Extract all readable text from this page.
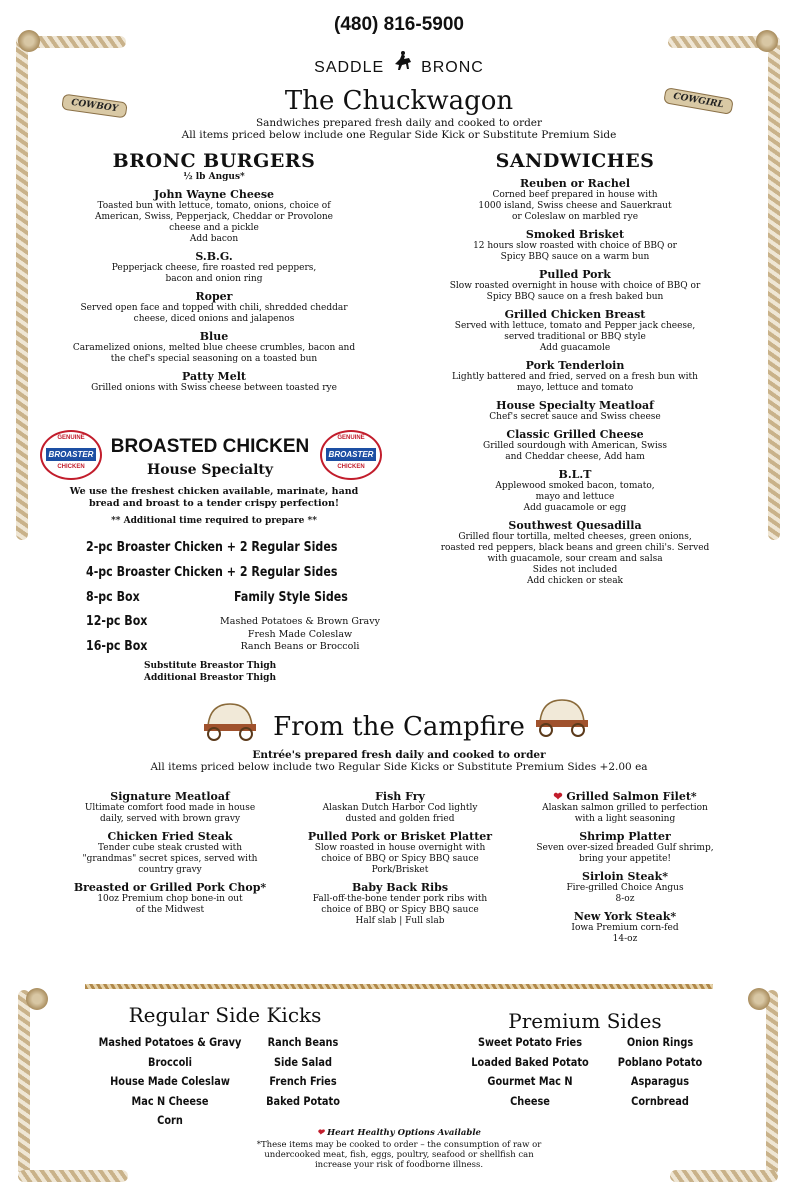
(480) 816-5900
SADDLE BRONC
COWBOY	COWGIRL
The Chuckwagon
Sandwiches prepared fresh daily and cooked to order
All items priced below include one Regular Side Kick or Substitute Premium Side
BRONC BURGERS
½ lb Angus*
John Wayne Cheese
Toasted bun with lettuce, tomato, onions, choice of
American, Swiss, Pepperjack, Cheddar or Provolone
cheese and a pickle
Add bacon
S.B.G.
Pepperjack cheese, fire roasted red peppers,
bacon and onion ring
Roper
Served open face and topped with chili, shredded cheddar
cheese, diced onions and jalapenos
Blue
Caramelized onions, melted blue cheese crumbles, bacon and
the chef's special seasoning on a toasted bun
Patty Melt
Grilled onions with Swiss cheese between toasted rye
SANDWICHES
Reuben or Rachel
Corned beef prepared in house with
1000 island, Swiss cheese and Sauerkraut
or Coleslaw on marbled rye
Smoked Brisket
12 hours slow roasted with choice of BBQ or
Spicy BBQ sauce on a warm bun
Pulled Pork
Slow roasted overnight in house with choice of BBQ or
Spicy BBQ sauce on a fresh baked bun
Grilled Chicken Breast
Served with lettuce, tomato and Pepper jack cheese,
served traditional or BBQ style
Add guacamole
Pork Tenderloin
Lightly battered and fried, served on a fresh bun with
mayo, lettuce and tomato
House Specialty Meatloaf
Chef's secret sauce and Swiss cheese
Classic Grilled Cheese
Grilled sourdough with American, Swiss
and Cheddar cheese, Add ham
B.L.T
Applewood smoked bacon, tomato,
mayo and lettuce
Add guacamole or egg
Southwest Quesadilla
Grilled flour tortilla, melted cheeses, green onions,
roasted red peppers, black beans and green chili's. Served
with guacamole, sour cream and salsa
Sides not included
Add chicken or steak
GENUINE
BROASTER
CHICKEN
GENUINE
BROASTER
CHICKEN
BROASTED CHICKEN
House Specialty
We use the freshest chicken available, marinate, hand
bread and broast to a tender crispy perfection!
** Additional time required to prepare **
2-pc Broaster Chicken + 2 Regular Sides
4-pc Broaster Chicken + 2 Regular Sides
8-pc Box
12-pc Box
16-pc Box
Family Style Sides
Mashed Potatoes & Brown Gravy
Fresh Made Coleslaw
Ranch Beans or Broccoli
Substitute Breastor Thigh
Additional Breastor Thigh
From the Campfire
Entrée's prepared fresh daily and cooked to order
All items priced below include two Regular Side Kicks or Substitute Premium Sides +2.00 ea
Signature Meatloaf
Ultimate comfort food made in house
daily, served with brown gravy
Chicken Fried Steak
Tender cube steak crusted with
"grandmas" secret spices, served with
country gravy
Breasted or Grilled Pork Chop*
10oz Premium chop bone-in out
of the Midwest
Fish Fry
Alaskan Dutch Harbor Cod lightly
dusted and golden fried
Pulled Pork or Brisket Platter
Slow roasted in house overnight with
choice of BBQ or Spicy BBQ sauce
Pork/Brisket
Baby Back Ribs
Fall-off-the-bone tender pork ribs with
choice of BBQ or Spicy BBQ sauce
Half slab | Full slab
❤ Grilled Salmon Filet*
Alaskan salmon grilled to perfection
with a light seasoning
Shrimp Platter
Seven over-sized breaded Gulf shrimp,
bring your appetite!
Sirloin Steak*
Fire-grilled Choice Angus
8-oz
New York Steak*
Iowa Premium corn-fed
14-oz
Regular Side Kicks
Mashed Potatoes & Gravy
Broccoli
House Made Coleslaw
Mac N Cheese
Corn
Ranch Beans
Side Salad
French Fries
Baked Potato
Premium Sides
Sweet Potato Fries
Loaded Baked Potato
Gourmet Mac N Cheese
Onion Rings
Poblano Potato
Asparagus
Cornbread
❤ Heart Healthy Options Available
*These items may be cooked to order – the consumption of raw or
undercooked meat, fish, eggs, poultry, seafood or shellfish can
increase your risk of foodborne illness.
